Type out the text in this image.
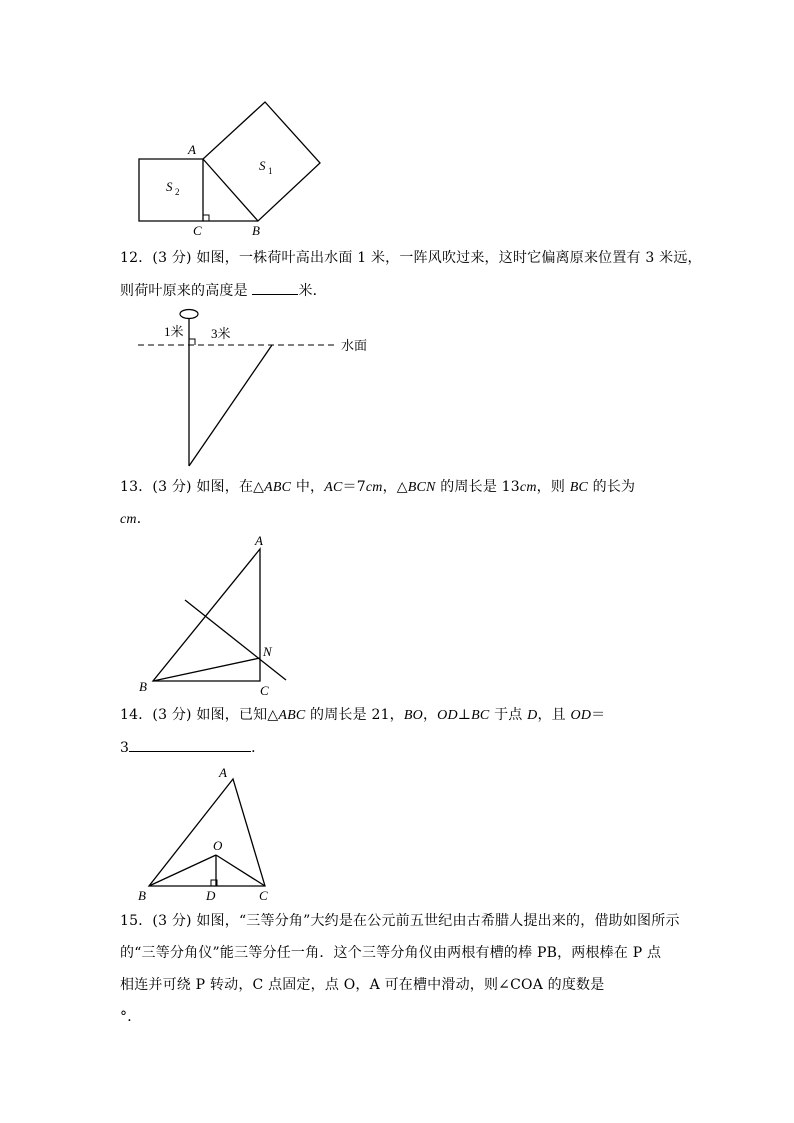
A
C	B
S 1
S 2
12．(3 分) 如图，一株荷叶高出水面 1 米，一阵风吹过来，这时它偏离原来位置有 3 米远，
则荷叶原来的高度是	米．
1米 3米
水面
13．(3 分) 如图，在△ABC 中，AC＝7cm，△BCN 的周长是 13cm，则 BC 的长为
cm．
A
B	C
N
14．(3 分) 如图，已知△ABC 的周长是 21，BO，OD⊥BC 于点 D，且 OD＝
3	．
A
O
B	D	C
15．(3 分) 如图，“三等分角”大约是在公元前五世纪由古希腊人提出来的，借助如图所示
的“三等分角仪”能三等分任一角．这个三等分角仪由两根有槽的棒 PB，两根棒在 P 点
相连并可绕 P 转动，C 点固定，点 O，A 可在槽中滑动，则∠COA 的度数是
°．
